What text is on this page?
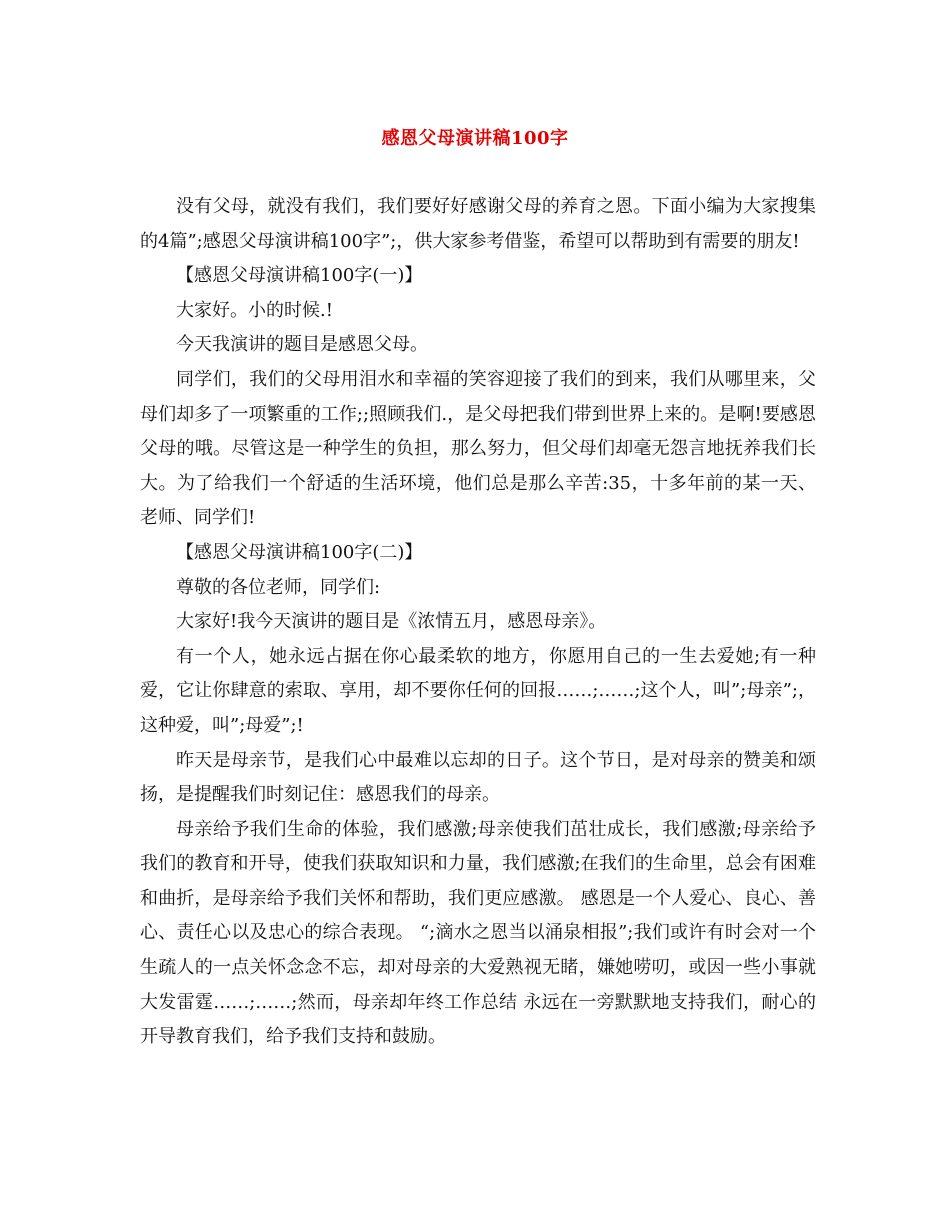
感恩父母演讲稿100字

没有父母，就没有我们，我们要好好感谢父母的养育之恩。下面小编为大家搜集的4篇”;感恩父母演讲稿100字”;，供大家参考借鉴，希望可以帮助到有需要的朋友!

【感恩父母演讲稿100字(一)】

大家好。小的时候.!

今天我演讲的题目是感恩父母。

同学们，我们的父母用泪水和幸福的笑容迎接了我们的到来，我们从哪里来，父母们却多了一项繁重的工作;;照顾我们.，是父母把我们带到世界上来的。是啊!要感恩父母的哦。尽管这是一种学生的负担，那么努力，但父母们却毫无怨言地抚养我们长大。为了给我们一个舒适的生活环境，他们总是那么辛苦:35，十多年前的某一天、老师、同学们!

【感恩父母演讲稿100字(二)】

尊敬的各位老师，同学们:

大家好!我今天演讲的题目是《浓情五月，感恩母亲》。

有一个人，她永远占据在你心最柔软的地方，你愿用自己的一生去爱她;有一种爱，它让你肆意的索取、享用，却不要你任何的回报……;……;这个人，叫”;母亲”;，这种爱，叫”;母爱”;!

昨天是母亲节，是我们心中最难以忘却的日子。这个节日，是对母亲的赞美和颂扬，是提醒我们时刻记住：感恩我们的母亲。

母亲给予我们生命的体验，我们感激;母亲使我们茁壮成长，我们感激;母亲给予我们的教育和开导，使我们获取知识和力量，我们感激;在我们的生命里，总会有困难和曲折，是母亲给予我们关怀和帮助，我们更应感激。 感恩是一个人爱心、良心、善心、责任心以及忠心的综合表现。 “;滴水之恩当以涌泉相报”;我们或许有时会对一个生疏人的一点关怀念念不忘，却对母亲的大爱熟视无睹，嫌她唠叨，或因一些小事就大发雷霆……;……;然而，母亲却年终工作总结 永远在一旁默默地支持我们，耐心的开导教育我们，给予我们支持和鼓励。
